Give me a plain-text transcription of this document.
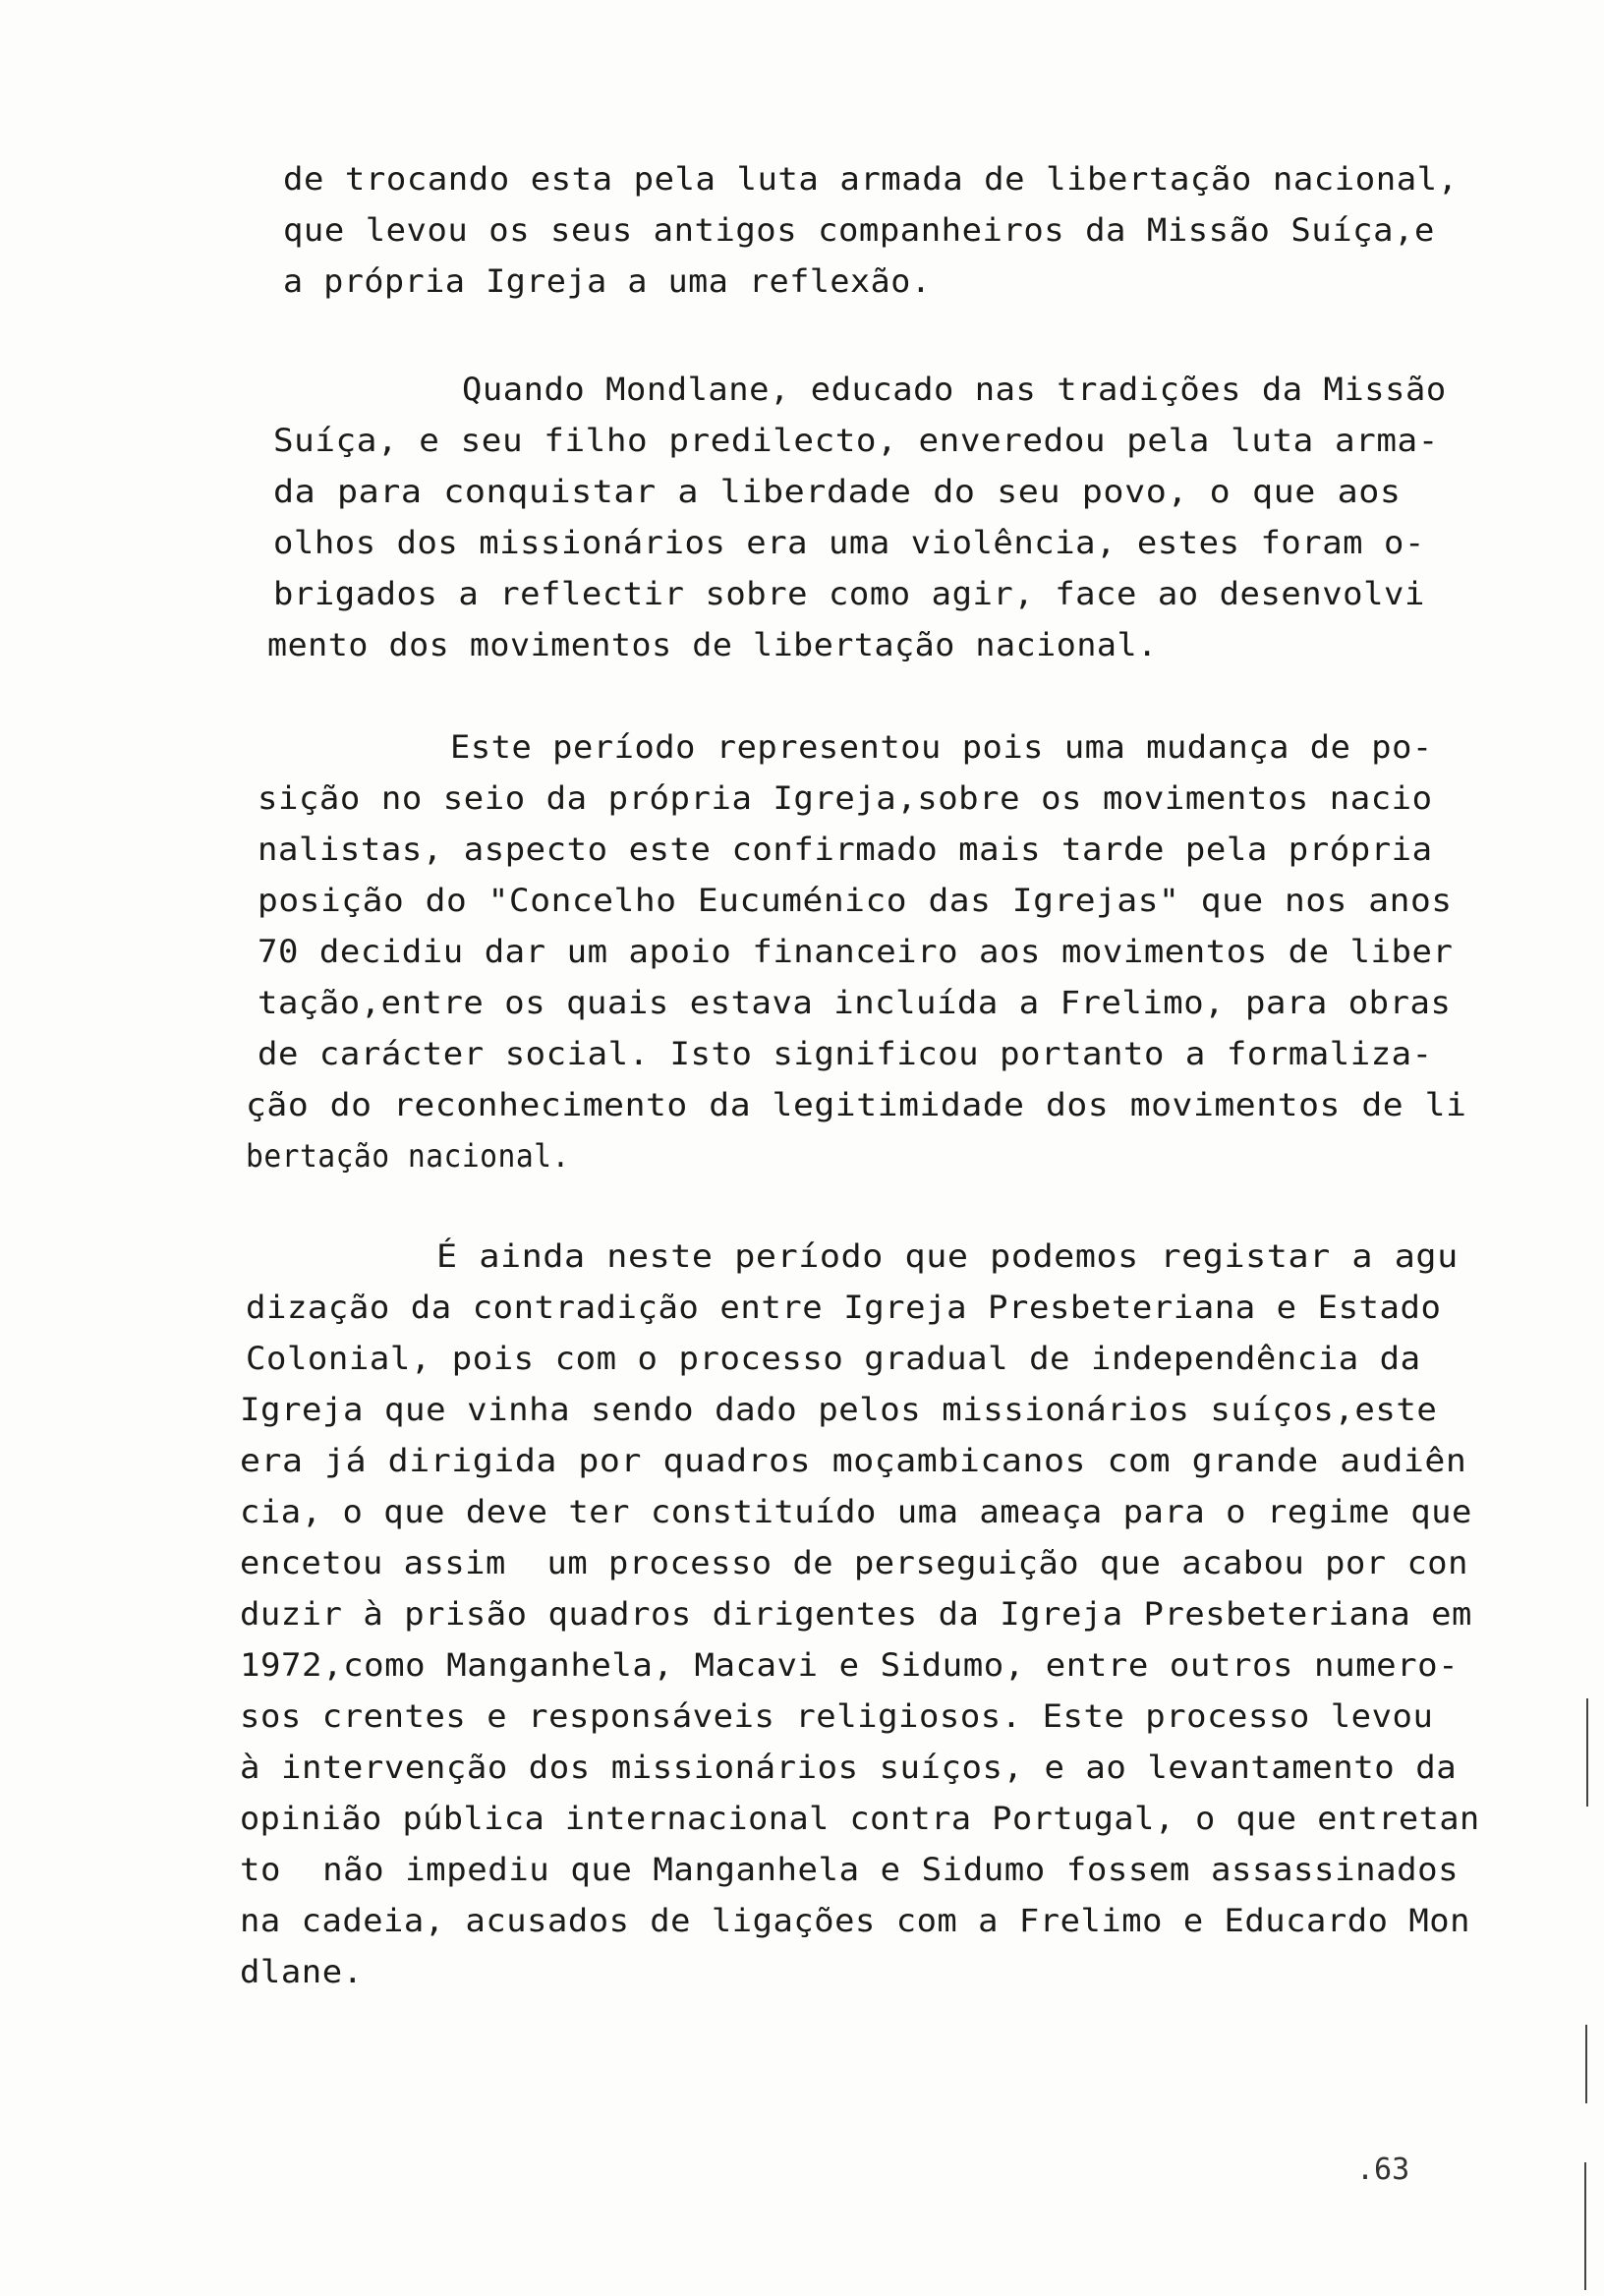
de trocando esta pela luta armada de libertação nacional,
que levou os seus antigos companheiros da Missão Suíça,e
a própria Igreja a uma reflexão.
Quando Mondlane, educado nas tradições da Missão
Suíça, e seu filho predilecto, enveredou pela luta arma-
da para conquistar a liberdade do seu povo, o que aos
olhos dos missionários era uma violência, estes foram o-
brigados a reflectir sobre como agir, face ao desenvolvi
mento dos movimentos de libertação nacional.
Este período representou pois uma mudança de po-
sição no seio da própria Igreja,sobre os movimentos nacio
nalistas, aspecto este confirmado mais tarde pela própria
posição do "Concelho Eucuménico das Igrejas" que nos anos
70 decidiu dar um apoio financeiro aos movimentos de liber
tação,entre os quais estava incluída a Frelimo, para obras
de carácter social. Isto significou portanto a formaliza-
ção do reconhecimento da legitimidade dos movimentos de li
bertação nacional.
É ainda neste período que podemos registar a agu
dização da contradição entre Igreja Presbeteriana e Estado
Colonial, pois com o processo gradual de independência da
Igreja que vinha sendo dado pelos missionários suíços,este
era já dirigida por quadros moçambicanos com grande audiên
cia, o que deve ter constituído uma ameaça para o regime que
encetou assim  um processo de perseguição que acabou por con
duzir à prisão quadros dirigentes da Igreja Presbeteriana em
1972,como Manganhela, Macavi e Sidumo, entre outros numero-
sos crentes e responsáveis religiosos. Este processo levou
à intervenção dos missionários suíços, e ao levantamento da
opinião pública internacional contra Portugal, o que entretan
to  não impediu que Manganhela e Sidumo fossem assassinados
na cadeia, acusados de ligações com a Frelimo e Educardo Mon
dlane.
.63
